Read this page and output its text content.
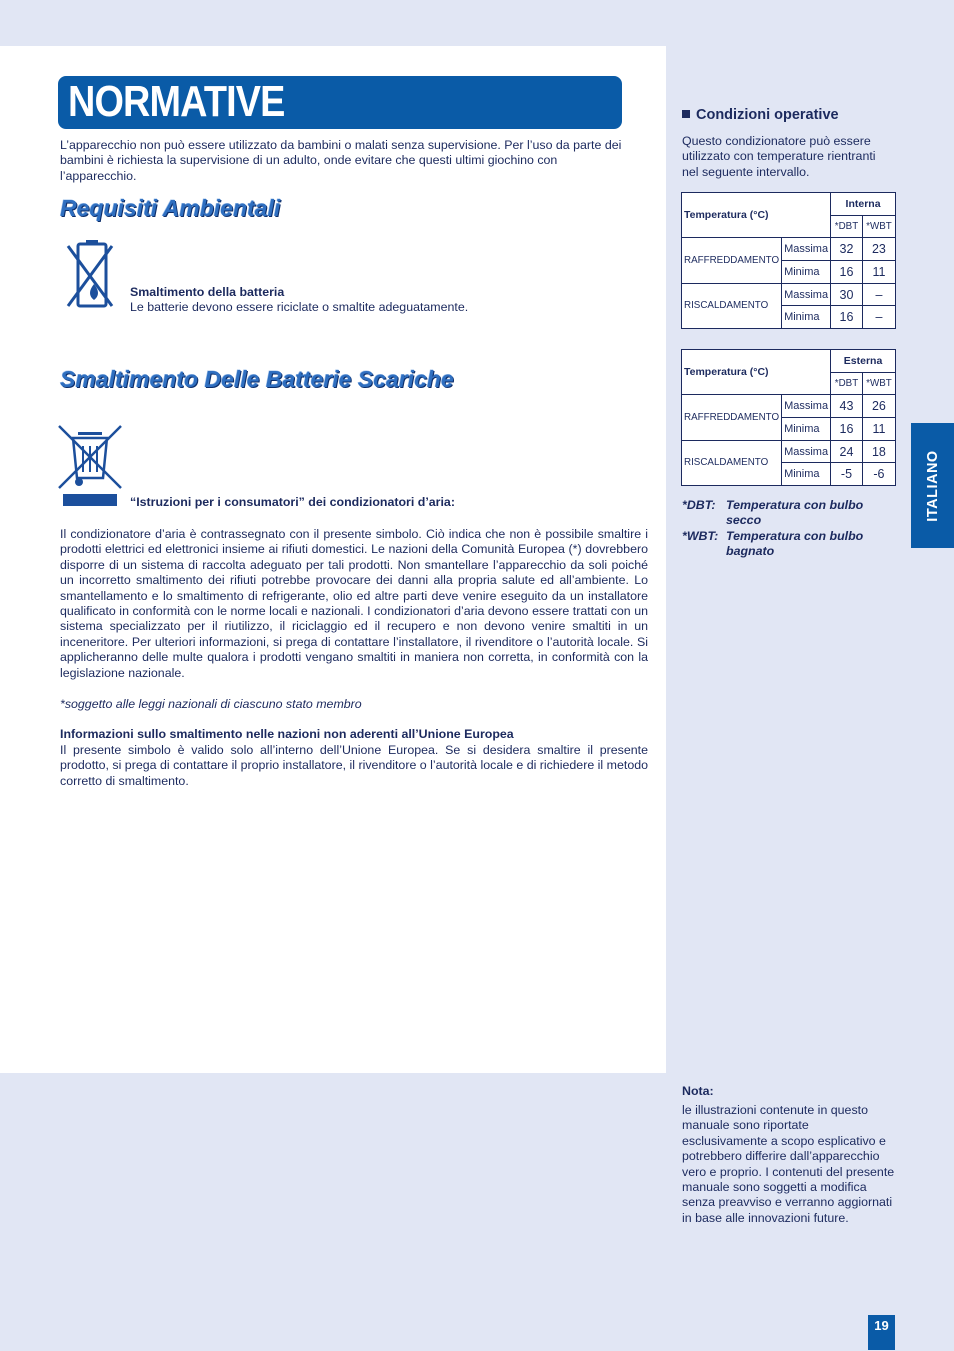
NORMATIVE
L’apparecchio non può essere utilizzato da bambini o malati senza supervisione. Per l’uso da parte dei bambini è richiesta la supervisione di un adulto, onde evitare che questi ultimi giochino con l’apparecchio.
Requisiti Ambientali
Smaltimento della batteria
Le batterie devono essere riciclate o smaltite adeguatamente.
Smaltimento Delle Batterie Scariche
“Istruzioni per i consumatori” dei condizionatori d’aria:
Il condizionatore d’aria è contrassegnato con il presente simbolo. Ciò indica che non è possibile smaltire i prodotti elettrici ed elettronici insieme ai rifiuti domestici. Le nazioni della Comunità Europea (*) dovrebbero disporre di un sistema di raccolta adeguato per tali prodotti. Non smantellare l’apparecchio da soli poiché un incorretto smaltimento dei rifiuti potrebbe provocare dei danni alla propria salute ed all’ambiente. Lo smantellamento e lo smaltimento di refrigerante, olio ed altre parti deve venire eseguito da un installatore qualificato in conformità con le norme locali e nazionali. I condizionatori d’aria devono essere trattati con un sistema specializzato per il riutilizzo, il riciclaggio ed il recupero e non devono venire smaltiti in un inceneritore. Per ulteriori informazioni, si prega di contattare l’installatore, il rivenditore o l’autorità locale. Si applicheranno delle multe qualora i prodotti vengano smaltiti in maniera non corretta, in conformità con la legislazione nazionale.
*soggetto alle leggi nazionali di ciascuno stato membro
Informazioni sullo smaltimento nelle nazioni non aderenti all’Unione Europea
Il presente simbolo è valido solo all’interno dell’Unione Europea. Se si desidera smaltire il presente prodotto, si prega di contattare il proprio installatore, il rivenditore o l’autorità locale e di richiedere il metodo corretto di smaltimento.
Condizioni operative
Questo condizionatore può essere utilizzato con temperature rientranti nel seguente intervallo.
Temperatura (°C)		Interna	
		*DBT	*WBT
RAFFREDDAMENTO	Massima	32	23
	Minima	16	11
RISCALDAMENTO	Massima	30	–
	Minima	16	–
Temperatura (°C)		Esterna	
		*DBT	*WBT
RAFFREDDAMENTO	Massima	43	26
	Minima	16	11
RISCALDAMENTO	Massima	24	18
	Minima	-5	-6
*DBT: Temperatura con bulbo secco
*WBT: Temperatura con bulbo bagnato
ITALIANO
Nota:
le illustrazioni contenute in questo manuale sono riportate esclusivamente a scopo esplicativo e potrebbero differire dall’apparecchio vero e proprio. I contenuti del presente manuale sono soggetti a modifica senza preavviso e verranno aggiornati in base alle innovazioni future.
19
